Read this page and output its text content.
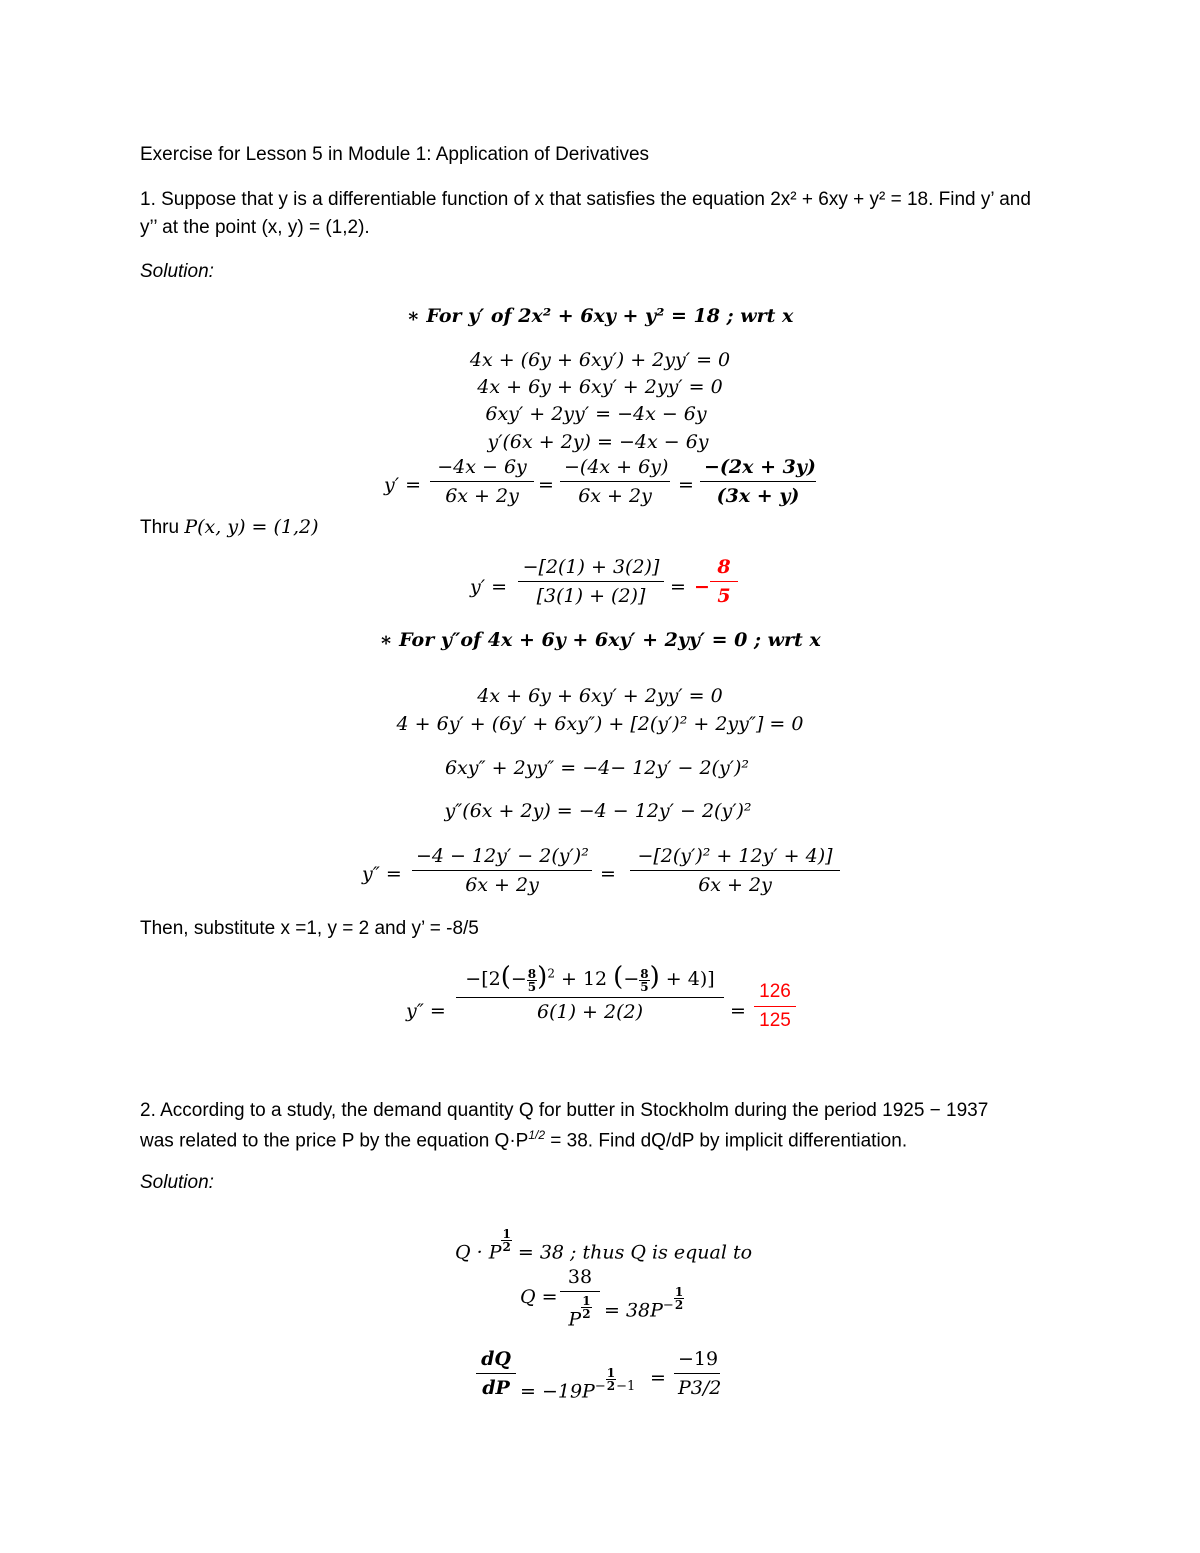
Exercise for Lesson 5 in Module 1: Application of Derivatives
1. Suppose that y is a differentiable function of x that satisfies the equation 2x² + 6xy + y² = 18. Find y’ and
y’’ at the point (x, y) = (1,2).
Solution:
∗ For y′ of 2x² + 6xy + y² = 18 ; wrt x
4x + (6y + 6xy′) + 2yy′ = 0
4x + 6y + 6xy′ + 2yy′ = 0
6xy′ + 2yy′ = −4x − 6y
y′(6x + 2y) = −4x − 6y
y′ =
−4x − 6y
6x + 2y	=
−(4x + 6y)
6x + 2y	=
−(2x + 3y)
(3x + y)
Thru P(x, y) = (1,2)
y′ =
−[2(1) + 3(2)]
[3(1) + (2)]	= −
8
5
∗ For y″of 4x + 6y + 6xy′ + 2yy′ = 0 ; wrt x
4x + 6y + 6xy′ + 2yy′ = 0
4 + 6y′ + (6y′ + 6xy″) + [2(y′)² + 2yy″] = 0
6xy″ + 2yy″ = −4− 12y′ − 2(y′)²
y″(6x + 2y) = −4 − 12y′ − 2(y′)²
y″ =
−4 − 12y′ − 2(y′)²
6x + 2y	=
−[2(y′)² + 12y′ + 4)]
6x + 2y
Then, substitute x =1, y = 2 and y’ = -8/5
y″ =
$-[2(- \frac{8}{5} )^2 + 12$ (− $\frac{8}{5}$ ) + 4)]
6(1) + 2(2)	=
126
125
2. According to a study, the demand quantity Q for butter in Stockholm during the period 1925 − 1937
was related to the price P by the equation $Q\cdot P^{1/2} = 38$. Find dQ/dP by implicit differentiation.
Solution:
Q · P $\frac{1}{2} = 38$ ; thus Q is equal to
Q =
38
P $\frac{1}{2} = 38P^- \frac{1}{2}$
dQ
dP = $-19P^- \frac{1}{2} ^{-1}$ =
−19
P3/2
